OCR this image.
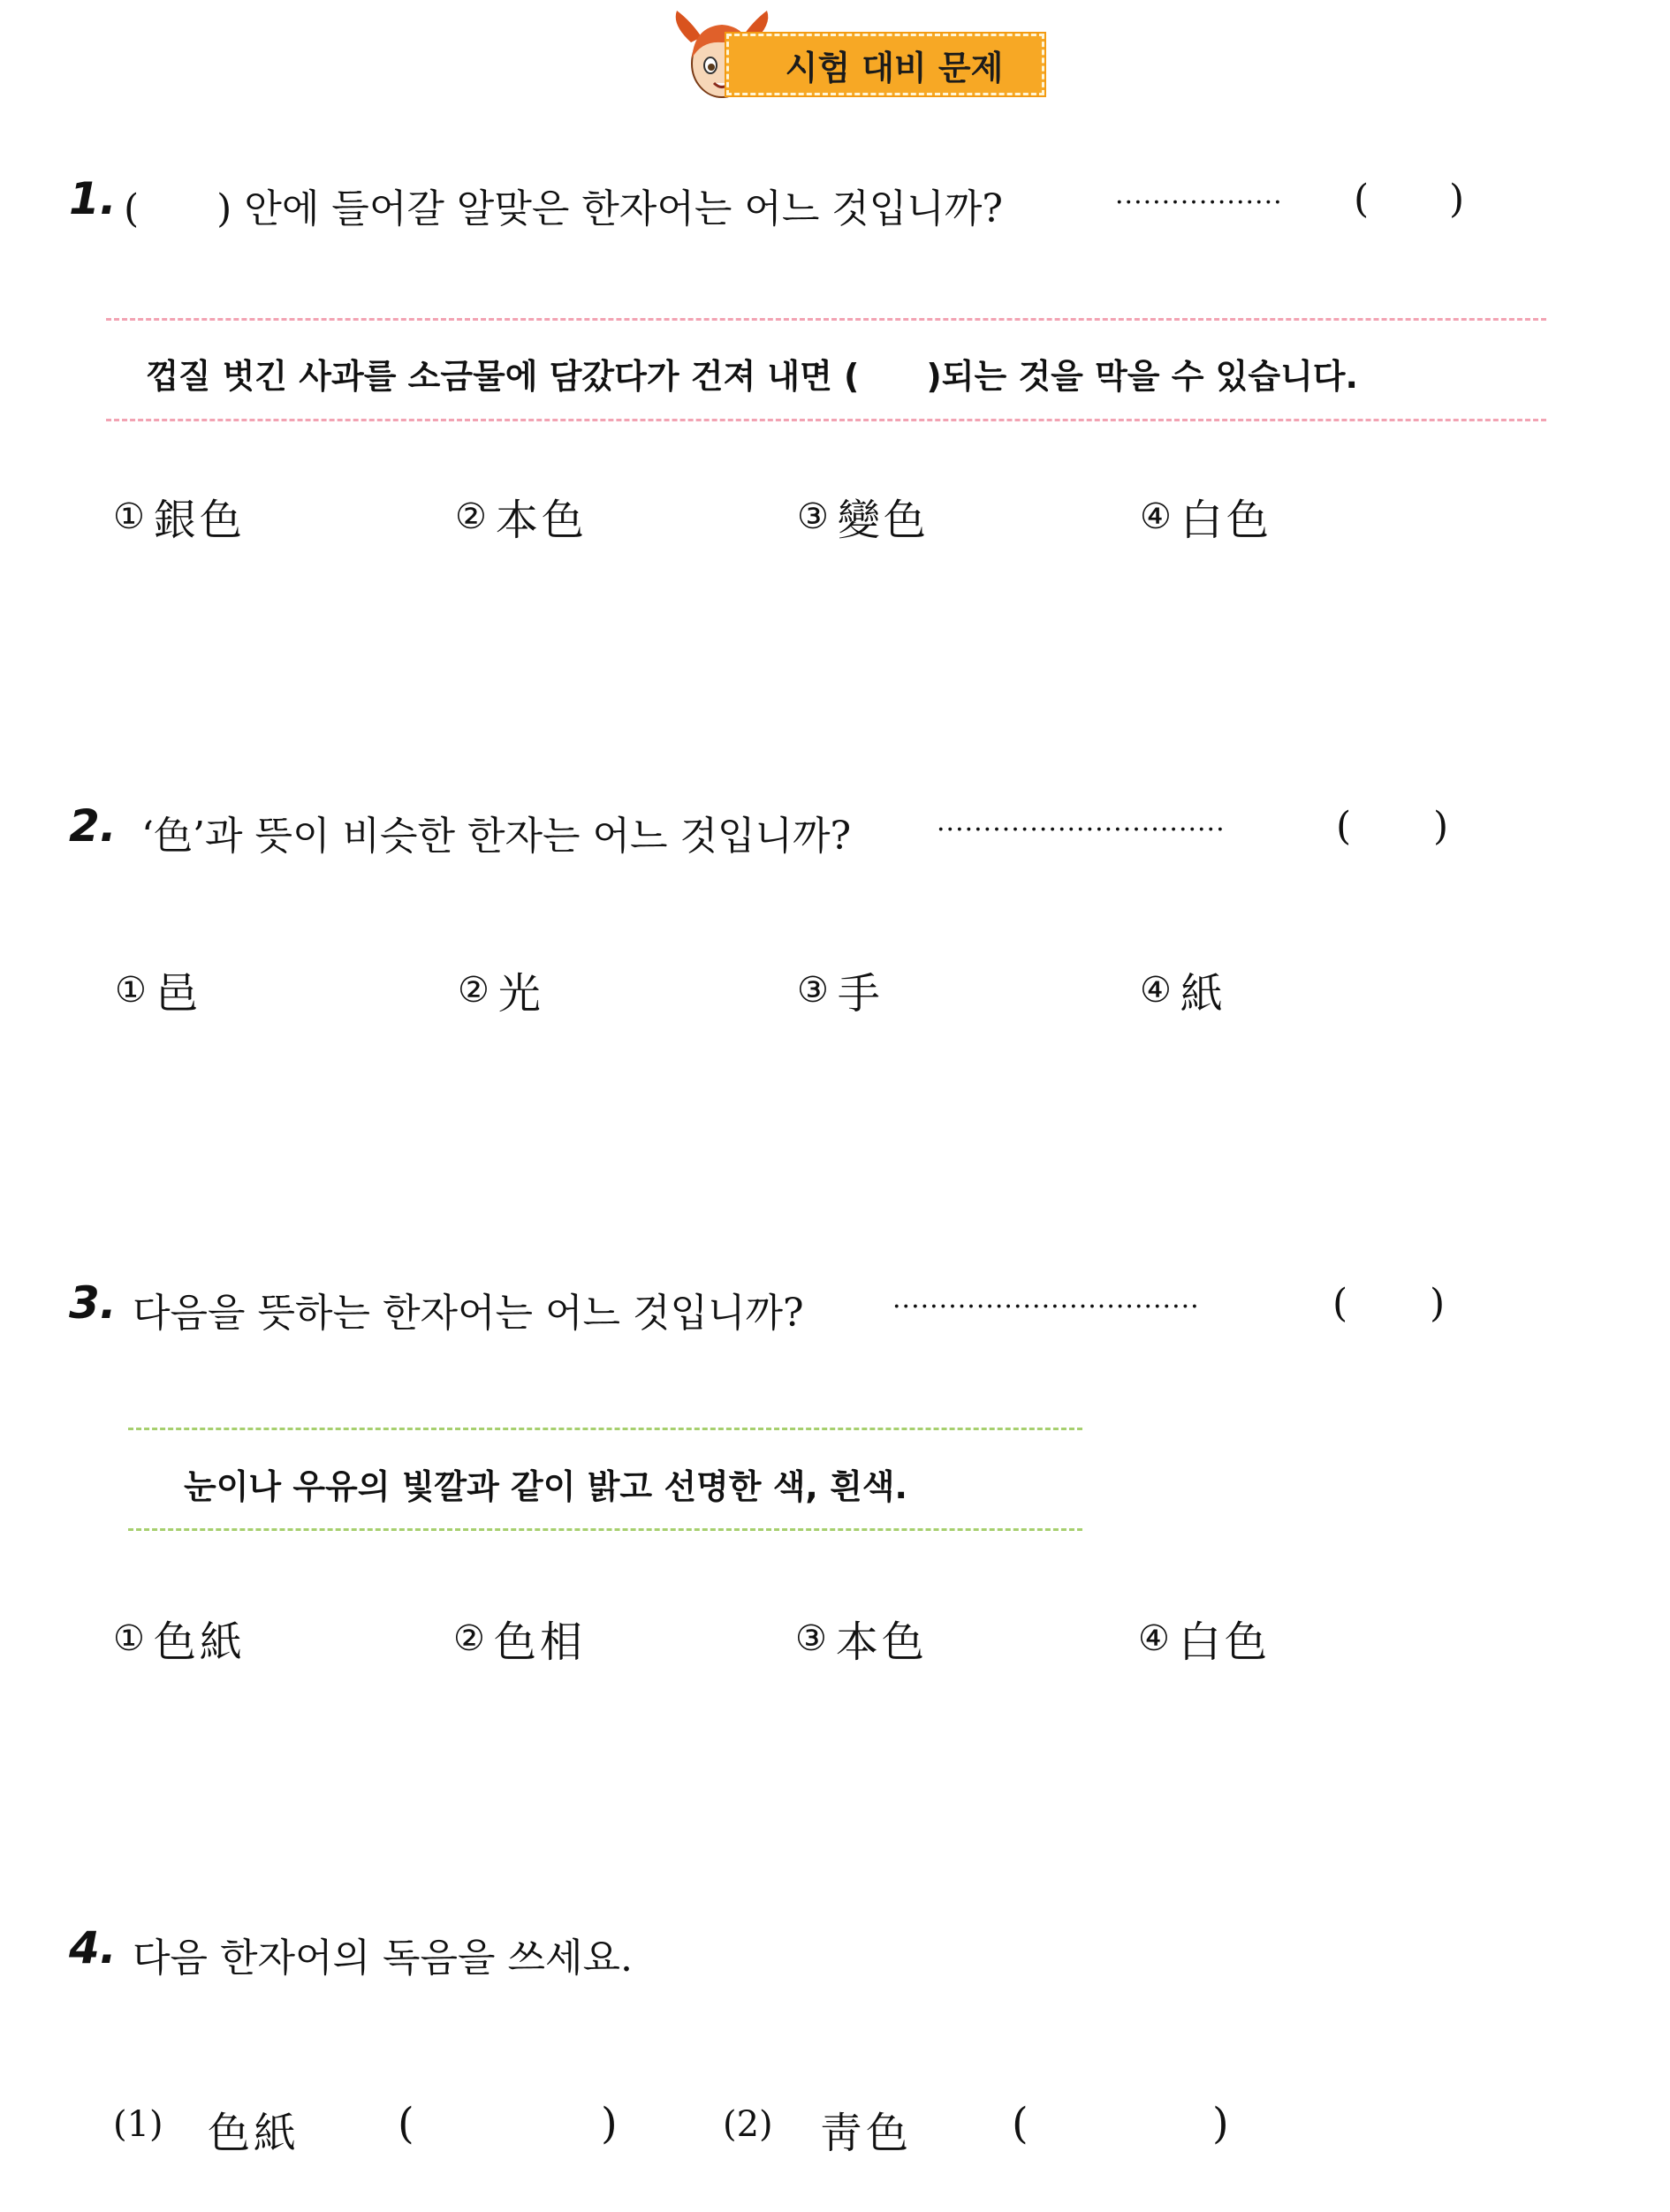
시험 대비 문제
1. (　　) 안에 들어갈 알맞은 한자어는 어느 것입니까?	·················· ( )
껍질 벗긴 사과를 소금물에 담갔다가 건져 내면 (　　)되는 것을 막을 수 있습니다.
① 銀色	② 本色	③ 變色	④ 白色
2. ‘色’과 뜻이 비슷한 한자는 어느 것입니까?	·······························	( )
① 邑	② 光	③ 手	④ 紙
3. 다음을 뜻하는 한자어는 어느 것입니까?	·································	( )
눈이나 우유의 빛깔과 같이 밝고 선명한 색, 흰색.
① 色紙	② 色相	③ 本色	④ 白色
4. 다음 한자어의 독음을 쓰세요.
(1) 色紙 (	)	(2) 靑色 (	)
